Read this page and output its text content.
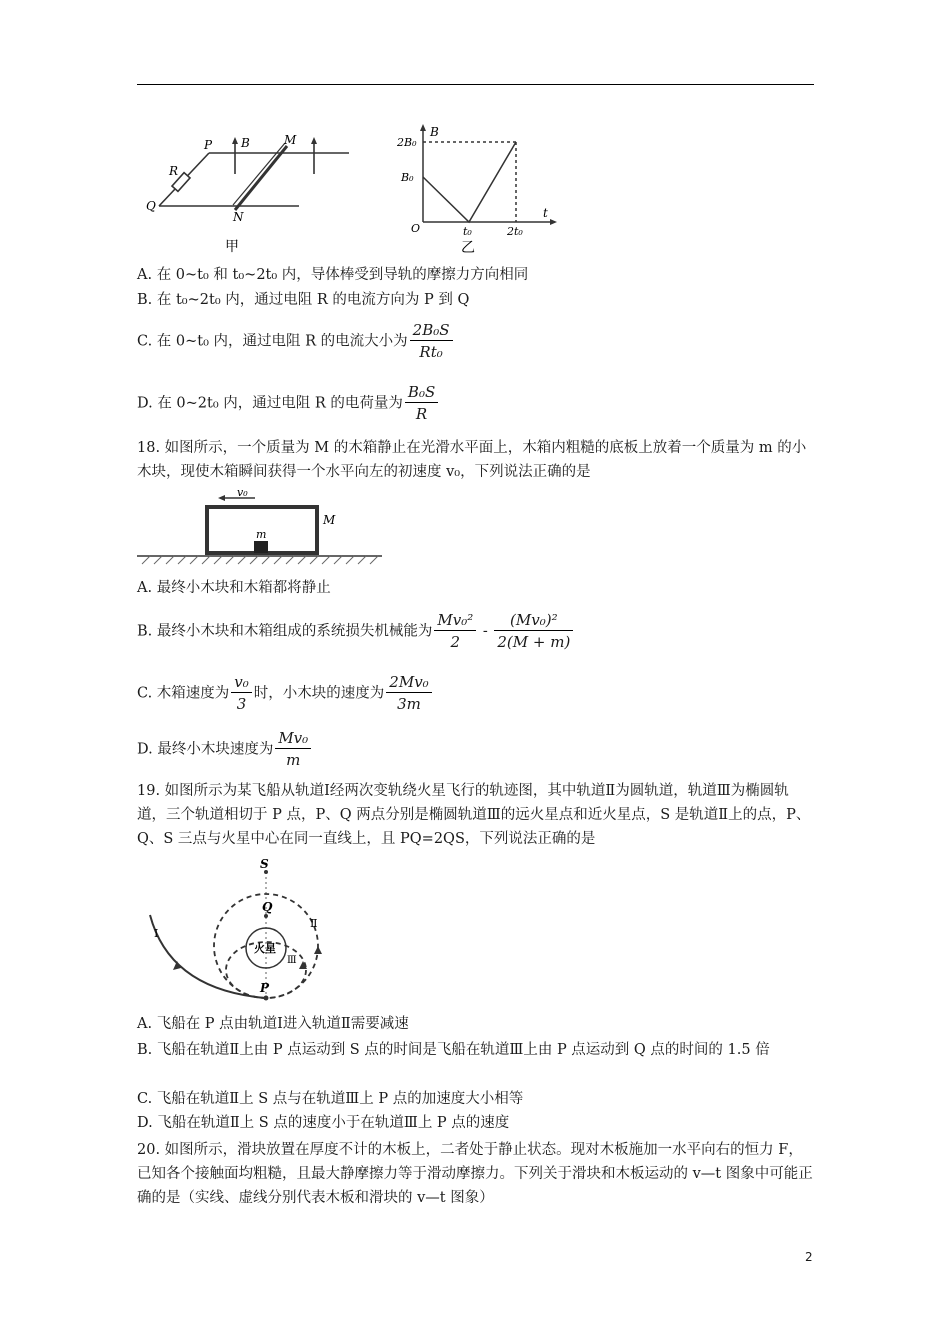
P
R
Q
B	M
N
甲
B
2B₀
B₀
O
t
t₀	2t₀
乙
A. 在 0~t₀ 和 t₀~2t₀ 内，导体棒受到导轨的摩擦力方向相同
B. 在 t₀~2t₀ 内，通过电阻 R 的电流方向为 P 到 Q
C. 在 0~t₀ 内，通过电阻 R 的电流大小为 $\frac{\text{2B₀S}}{\text{Rt₀}}$
D. 在 0~2t₀ 内，通过电阻 R 的电荷量为 $\frac{\text{B₀S}}{R}$
18. 如图所示，一个质量为 M 的木箱静止在光滑水平面上，木箱内粗糙的底板上放着一个质量为 m 的小木块，现使木箱瞬间获得一个水平向左的初速度 v₀，下列说法正确的是
v₀
m
M
A. 最终小木块和木箱都将静止
B. 最终小木块和木箱组成的系统损失机械能为 $\frac{\text{Mv₀²}}{2} - \frac{\text{(Mv₀)²}}{2(M + m)}$
C. 木箱速度为 $\frac{\text{v₀}}{3}$ 时，小木块的速度为 $\frac{\text{2Mv₀}}{3m}$
D. 最终小木块速度为 $\frac{\text{Mv₀}}{m}$
19. 如图所示为某飞船从轨道Ⅰ经两次变轨绕火星飞行的轨迹图，其中轨道Ⅱ为圆轨道，轨道Ⅲ为椭圆轨道，三个轨道相切于 P 点，P、Q 两点分别是椭圆轨道Ⅲ的远火星点和近火星点，S 是轨道Ⅱ上的点，P、Q、S 三点与火星中心在同一直线上，且 PQ=2QS，下列说法正确的是
S
Q
P
火星
Ⅰ
Ⅱ
Ⅲ
A. 飞船在 P 点由轨道Ⅰ进入轨道Ⅱ需要减速
B. 飞船在轨道Ⅱ上由 P 点运动到 S 点的时间是飞船在轨道Ⅲ上由 P 点运动到 Q 点的时间的 1.5 倍
C. 飞船在轨道Ⅱ上 S 点与在轨道Ⅲ上 P 点的加速度大小相等
D. 飞船在轨道Ⅱ上 S 点的速度小于在轨道Ⅲ上 P 点的速度
20. 如图所示，滑块放置在厚度不计的木板上，二者处于静止状态。现对木板施加一水平向右的恒力 F，已知各个接触面均粗糙，且最大静摩擦力等于滑动摩擦力。下列关于滑块和木板运动的 v—t 图象中可能正确的是（实线、虚线分别代表木板和滑块的 v—t 图象）
2
